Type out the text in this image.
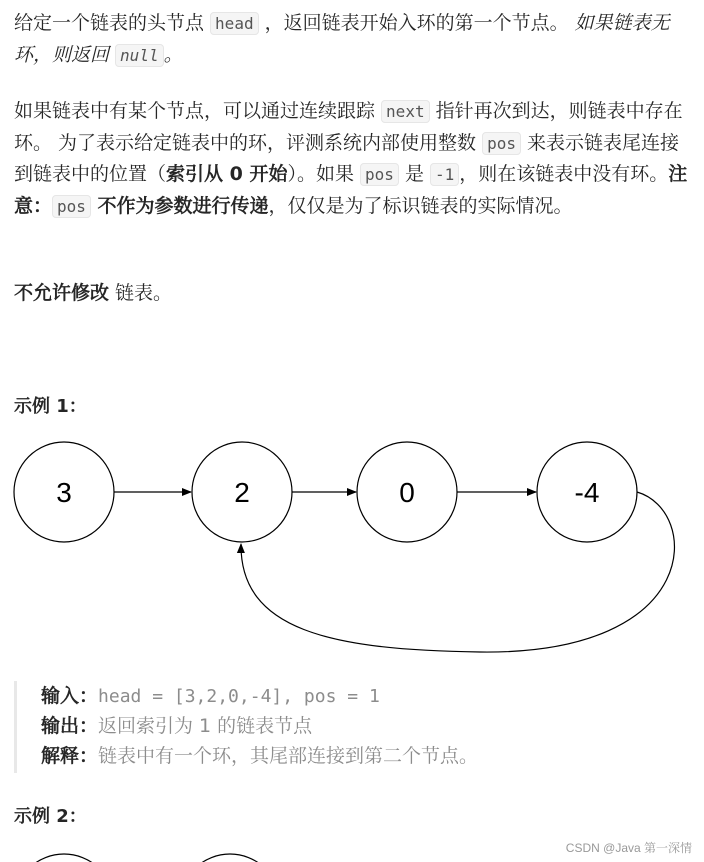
给定一个链表的头节点 head ，返回链表开始入环的第一个节点。 如果链表无环，则返回 null 。

如果链表中有某个节点，可以通过连续跟踪 next 指针再次到达，则链表中存在环。 为了表示给定链表中的环，评测系统内部使用整数 pos 来表示链表尾连接到链表中的位置（索引从 0 开始）。如果 pos 是 -1 ，则在该链表中没有环。注意： pos 不作为参数进行传递，仅仅是为了标识链表的实际情况。

不允许修改 链表。

示例 1：

3	2	0	-4

输入：head = [3,2,0,-4], pos = 1

输出：返回索引为 1 的链表节点

解释：链表中有一个环，其尾部连接到第二个节点。

示例 2：

CSDN @Java 第一深情
